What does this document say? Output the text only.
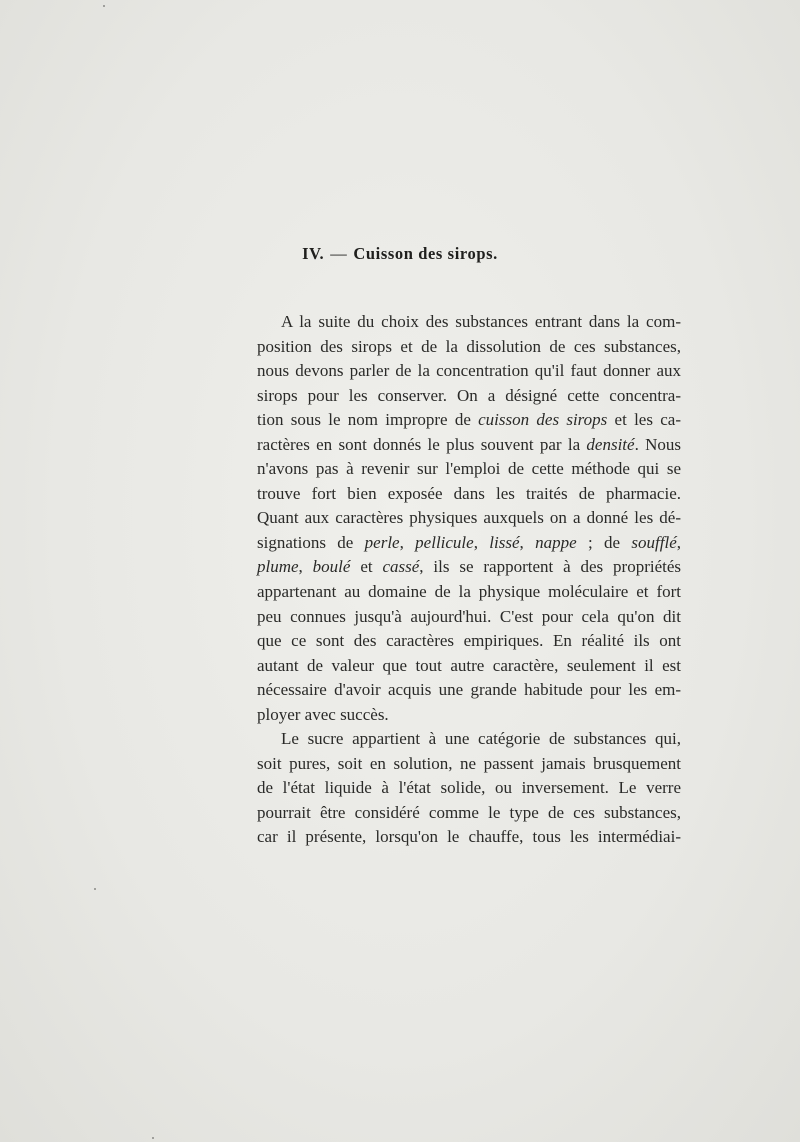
IV. — Cuisson des sirops.
A la suite du choix des substances entrant dans la com-
position des sirops et de la dissolution de ces substances,
nous devons parler de la concentration qu'il faut donner aux
sirops pour les conserver. On a désigné cette concentra-
tion sous le nom impropre de cuisson des sirops et les ca-
ractères en sont donnés le plus souvent par la densité. Nous
n'avons pas à revenir sur l'emploi de cette méthode qui se
trouve fort bien exposée dans les traités de pharmacie.
Quant aux caractères physiques auxquels on a donné les dé-
signations de perle, pellicule, lissé, nappe ; de soufflé,
plume, boulé et cassé, ils se rapportent à des propriétés
appartenant au domaine de la physique moléculaire et fort
peu connues jusqu'à aujourd'hui. C'est pour cela qu'on dit
que ce sont des caractères empiriques. En réalité ils ont
autant de valeur que tout autre caractère, seulement il est
nécessaire d'avoir acquis une grande habitude pour les em-
ployer avec succès.
Le sucre appartient à une catégorie de substances qui,
soit pures, soit en solution, ne passent jamais brusquement
de l'état liquide à l'état solide, ou inversement. Le verre
pourrait être considéré comme le type de ces substances,
car il présente, lorsqu'on le chauffe, tous les intermédiai-
